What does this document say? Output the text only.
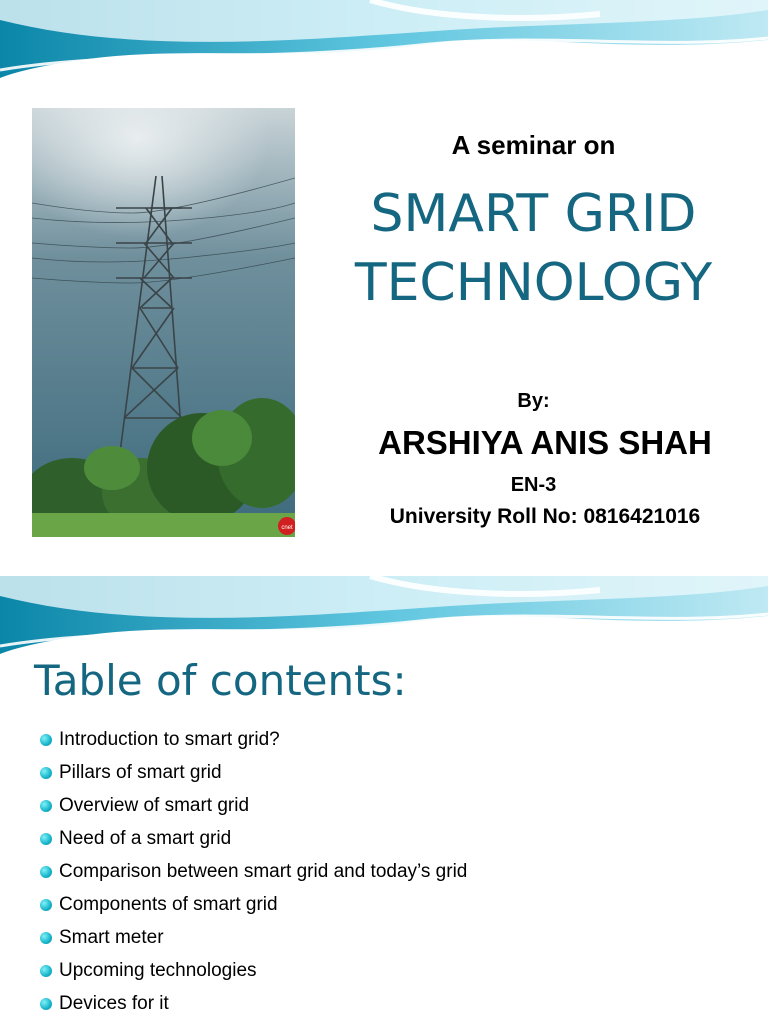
cnet
A seminar on
SMART GRID
TECHNOLOGY
By:
ARSHIYA ANIS SHAH
EN-3
University Roll No: 0816421016
Table of contents:
Introduction to smart grid?
Pillars of smart grid
Overview of smart grid
Need of a smart grid
Comparison between smart grid and today’s grid
Components of smart grid
Smart meter
Upcoming technologies
Devices for it
